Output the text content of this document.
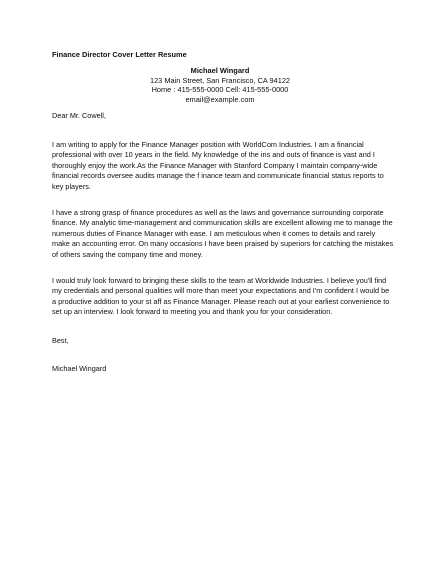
Finance Director Cover Letter Resume
Michael Wingard
123 Main Street, San Francisco, CA 94122
Home : 415-555-0000 Cell: 415-555-0000
email@example.com
Dear Mr. Cowell,
I am writing to apply for the Finance Manager position with WorldCom Industries. I am a financial
professional with over 10 years in the field. My knowledge of the ins and outs of finance is vast and I
thoroughly enjoy the work.As the Finance Manager with Stanford Company I maintain company-wide
financial records oversee audits manage the f inance team and communicate financial status reports to
key players.
I have a strong grasp of finance procedures as well as the laws and governance surrounding corporate
finance. My analytic time-management and communication skills are excellent allowing me to manage the
numerous duties of Finance Manager with ease. I am meticulous when it comes to details and rarely
make an accounting error. On many occasions I have been praised by superiors for catching the mistakes
of others saving the company time and money.
I would truly look forward to bringing these skills to the team at Worldwide Industries. I believe you'll find
my credentials and personal qualities will more than meet your expectations and I'm confident I would be
a productive addition to your st aff as Finance Manager. Please reach out at your earliest convenience to
set up an interview. I look forward to meeting you and thank you for your consideration.
Best,
Michael Wingard
